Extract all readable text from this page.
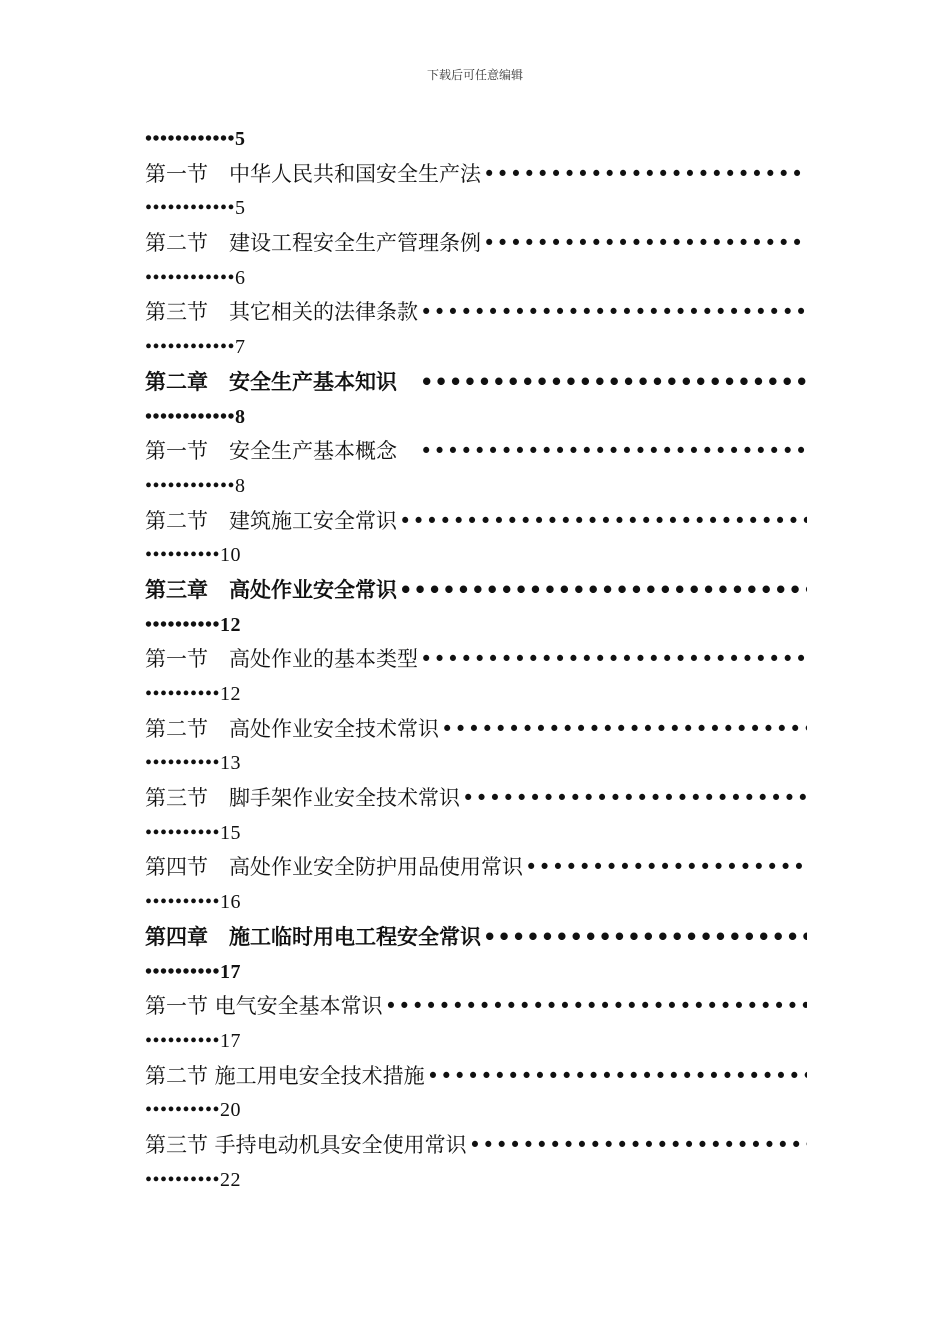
下载后可任意编辑
••••••••••••5
第一节　中华人民共和国安全生产法
•••••
••••••••••••5
第二节　建设工程安全生产管理条例
•••••
••••••••••••6
第三节　其它相关的法律条款
•••••
••••••••••••7
第二章　安全生产基本知识　
•••••
••••••••••••8
第一节　安全生产基本概念　
•••••
••••••••••••8
第二节　建筑施工安全常识
•••••
••••••••••10
第三章　高处作业安全常识
•••••
••••••••••12
第一节　高处作业的基本类型
•••••
••••••••••12
第二节　高处作业安全技术常识
•••••
••••••••••13
第三节　脚手架作业安全技术常识
•••••
••••••••••15
第四节　高处作业安全防护用品使用常识
•••••
••••••••••16
第四章　施工临时用电工程安全常识
•••••
••••••••••17
第一节 电气安全基本常识
•••••
••••••••••17
第二节 施工用电安全技术措施
•••••
••••••••••20
第三节 手持电动机具安全使用常识
•••••
••••••••••22
